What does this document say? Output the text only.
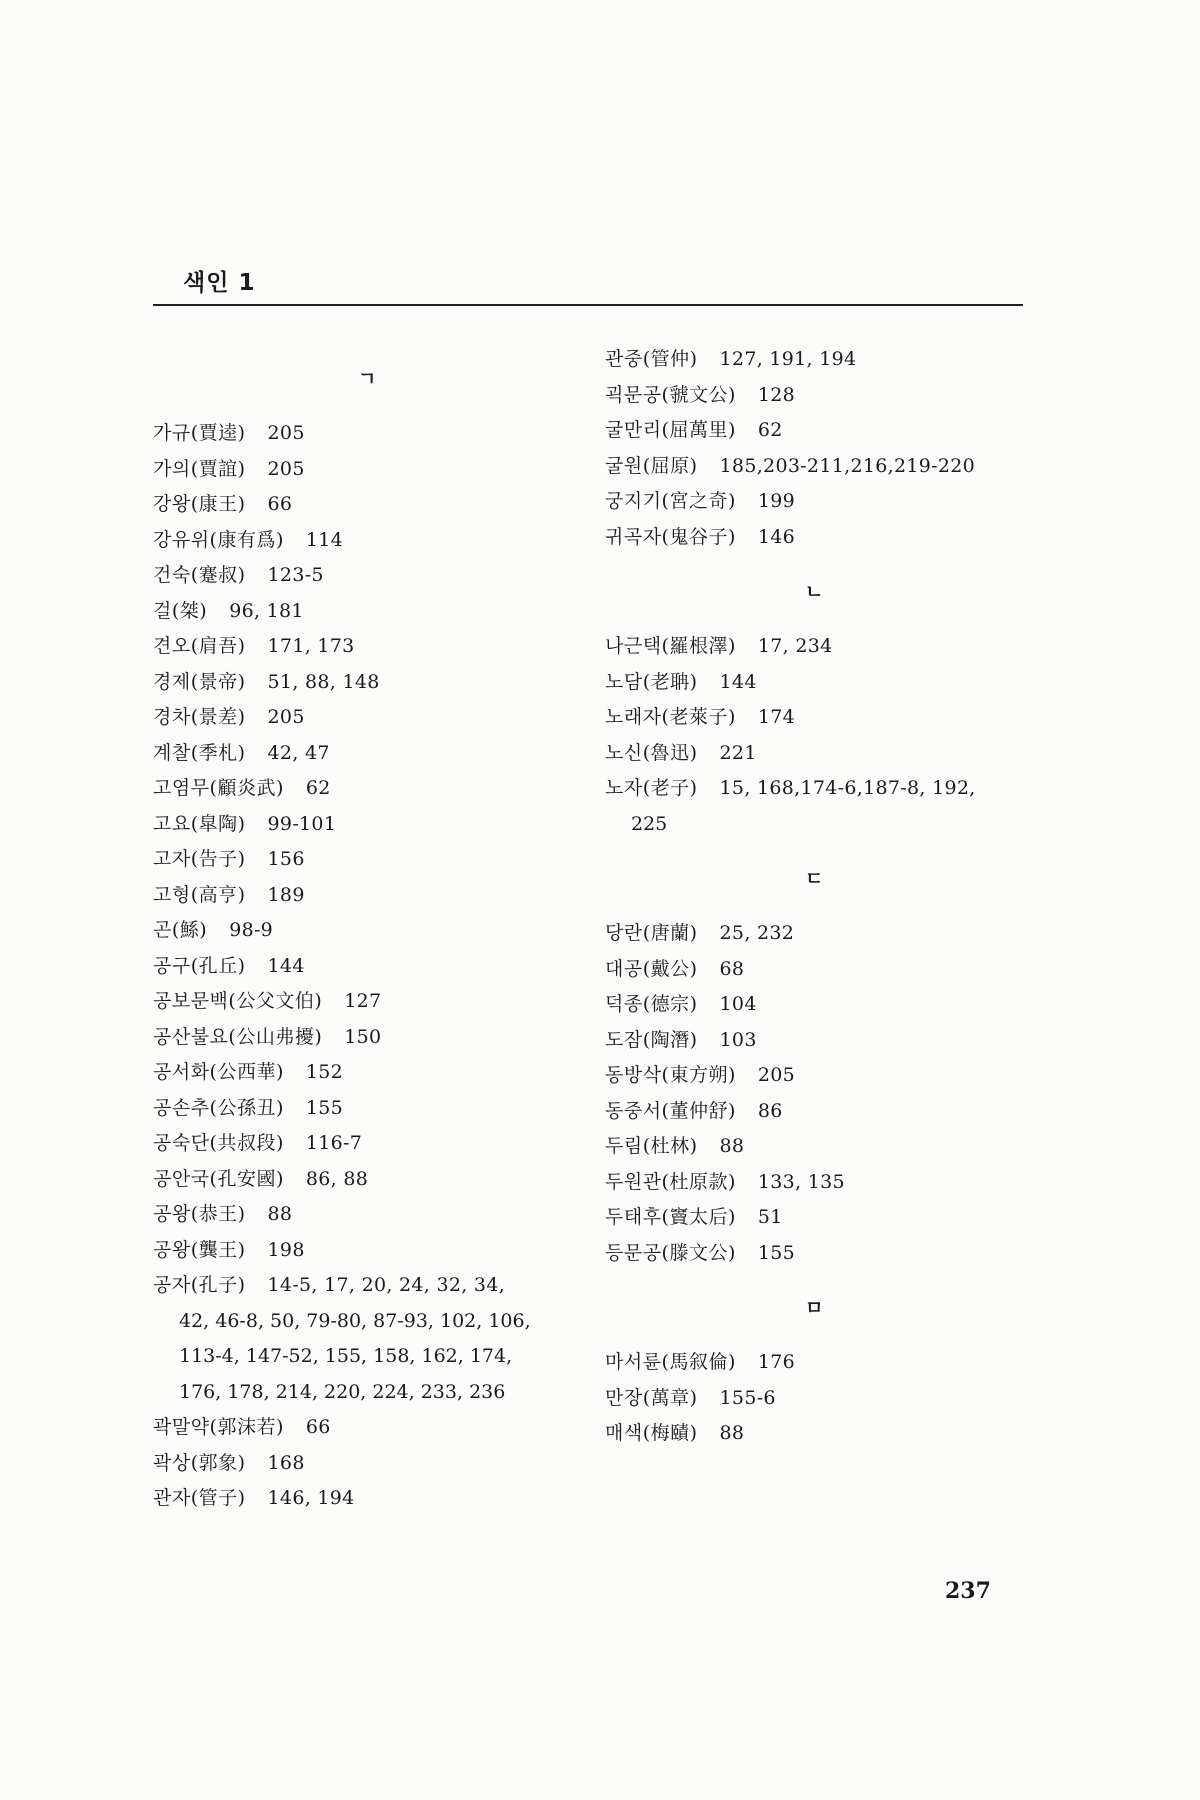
색인 1
ㄱ
가규(賈逵) 205
가의(賈誼) 205
강왕(康王) 66
강유위(康有爲) 114
건숙(蹇叔) 123-5
걸(桀) 96, 181
견오(肩吾) 171, 173
경제(景帝) 51, 88, 148
경차(景差) 205
계찰(季札) 42, 47
고염무(顧炎武) 62
고요(皐陶) 99-101
고자(告子) 156
고형(高亨) 189
곤(鯀) 98-9
공구(孔丘) 144
공보문백(公父文伯) 127
공산불요(公山弗擾) 150
공서화(公西華) 152
공손추(公孫丑) 155
공숙단(共叔段) 116-7
공안국(孔安國) 86, 88
공왕(恭王) 88
공왕(龔王) 198
공자(孔子) 14-5, 17, 20, 24, 32, 34,
42, 46-8, 50, 79-80, 87-93, 102, 106,
113-4, 147-52, 155, 158, 162, 174,
176, 178, 214, 220, 224, 233, 236
곽말약(郭沫若) 66
곽상(郭象) 168
관자(管子) 146, 194
관중(管仲) 127, 191, 194
괵문공(虢文公) 128
굴만리(屈萬里) 62
굴원(屈原) 185,203-211,216,219-220
궁지기(宮之奇) 199
귀곡자(鬼谷子) 146
ㄴ
나근택(羅根澤) 17, 234
노담(老聃) 144
노래자(老萊子) 174
노신(魯迅) 221
노자(老子) 15, 168,174-6,187-8, 192,
225
ㄷ
당란(唐蘭) 25, 232
대공(戴公) 68
덕종(德宗) 104
도잠(陶潛) 103
동방삭(東方朔) 205
동중서(董仲舒) 86
두림(杜林) 88
두원관(杜原款) 133, 135
두태후(竇太后) 51
등문공(滕文公) 155
ㅁ
마서륜(馬叙倫) 176
만장(萬章) 155-6
매색(梅賾) 88
237
